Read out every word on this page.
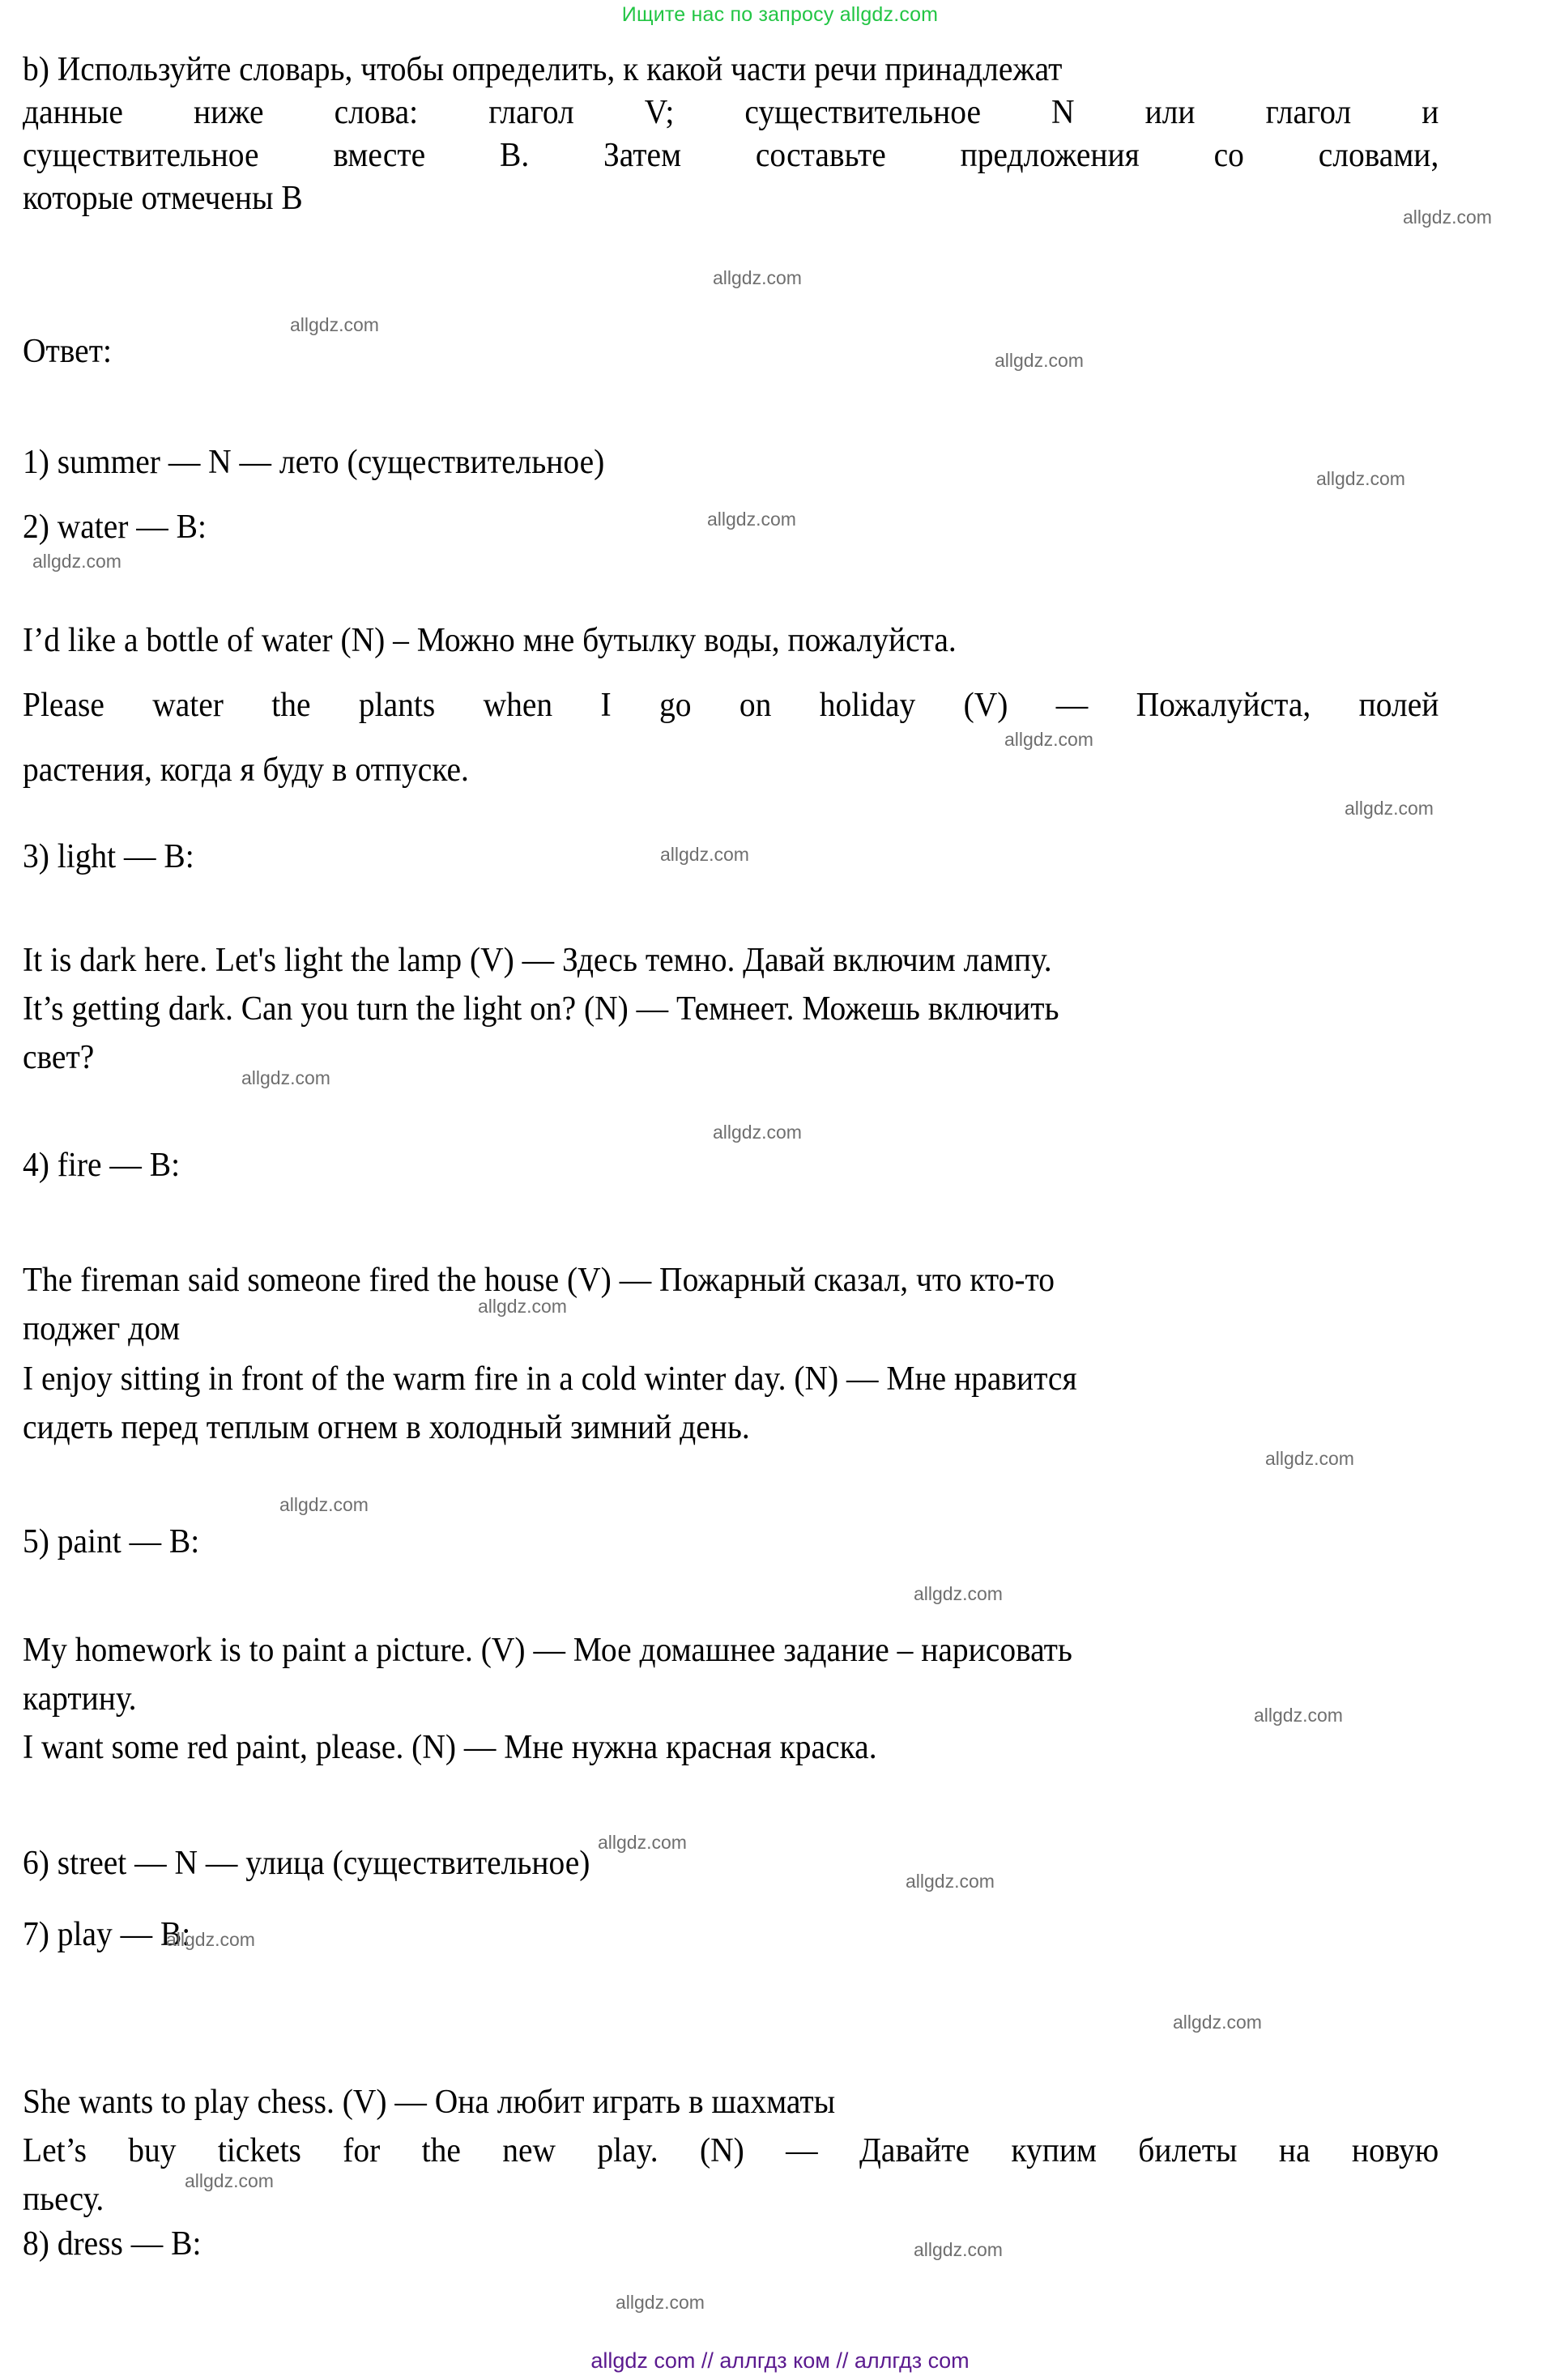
Ищите нас по запросу allgdz.com
b) Используйте словарь, чтобы определить, к какой части речи принадлежат
данные ниже слова: глагол V; существительное N или глагол и
существительное вместе B. Затем составьте предложения со словами,
которые отмечены B
Ответ:
1) summer — N — лето (существительное)
2) water — B:
I’d like a bottle of water (N) – Можно мне бутылку воды, пожалуйста.
Please water the plants when I go on holiday (V) — Пожалуйста, полей
растения, когда я буду в отпуске.
3) light — B:
It is dark here. Let's light the lamp (V) — Здесь темно. Давай включим лампу.
It’s getting dark. Can you turn the light on? (N) — Темнеет. Можешь включить
свет?
4) fire — B:
The fireman said someone fired the house (V) — Пожарный сказал, что кто-то
поджег дом
I enjoy sitting in front of the warm fire in a cold winter day. (N) — Мне нравится
сидеть перед теплым огнем в холодный зимний день.
5) paint — B:
My homework is to paint a picture. (V) — Мое домашнее задание – нарисовать
картину.
I want some red paint, please. (N) — Мне нужна красная краска.
6) street — N — улица (существительное)
7) play — B:
She wants to play chess. (V) — Она любит играть в шахматы
Let’s buy tickets for the new play. (N) — Давайте купим билеты на новую
пьесу.
8) dress — B:
allgdz.com
allgdz.com
allgdz.com
allgdz.com
allgdz.com
allgdz.com
allgdz.com
allgdz.com
allgdz.com
allgdz.com
allgdz.com
allgdz.com
allgdz.com
allgdz.com
allgdz.com
allgdz.com
allgdz.com
allgdz.com
allgdz.com
allgdz.com
allgdz.com
allgdz.com
allgdz.com
allgdz.com
allgdz com // аллгдз ком // аллгдз com
